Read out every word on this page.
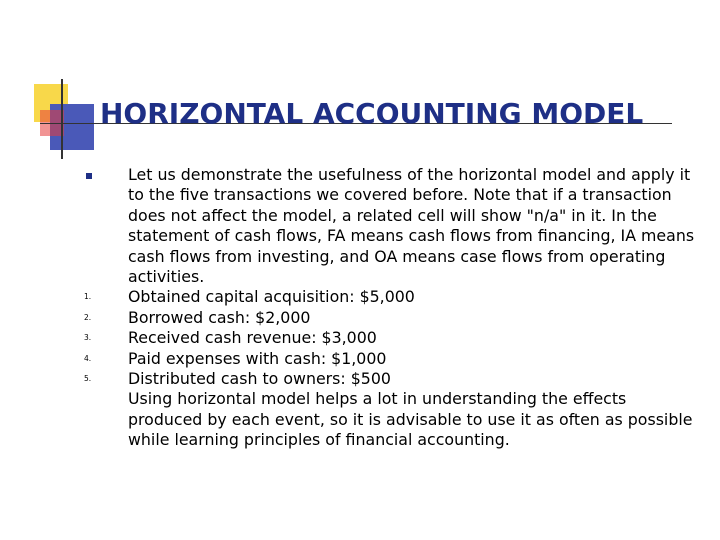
HORIZONTAL ACCOUNTING MODEL
Let us demonstrate the usefulness of the horizontal model and apply it to the five transactions we covered before. Note that if a transaction does not affect the model, a related cell will show "n/a" in it. In the statement of cash flows, FA means cash flows from financing, IA means cash flows from investing, and OA means case flows from operating activities.
1.	Obtained capital acquisition: $5,000
2.	Borrowed cash: $2,000
3.	Received cash revenue: $3,000
4.	Paid expenses with cash: $1,000
5.	Distributed cash to owners: $500
Using horizontal model helps a lot in understanding the effects produced by each event, so it is advisable to use it as often as possible while learning principles of financial accounting.
